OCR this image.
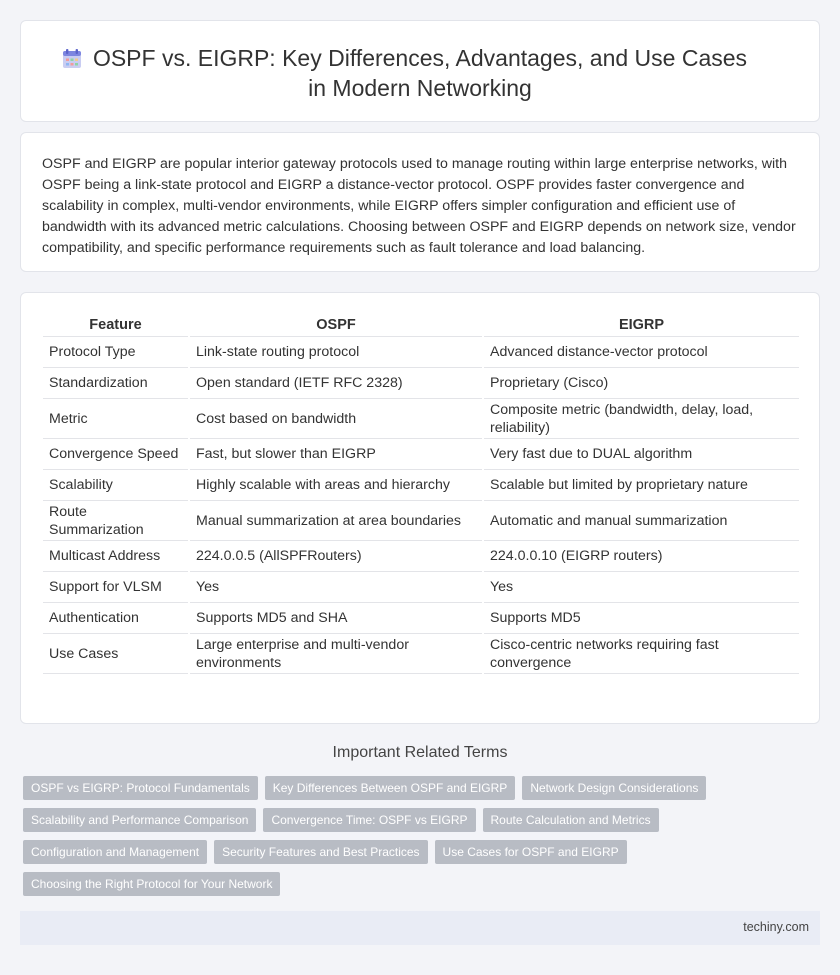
OSPF vs. EIGRP: Key Differences, Advantages, and Use Cases in Modern Networking

OSPF and EIGRP are popular interior gateway protocols used to manage routing within large enterprise networks, with OSPF being a link-state protocol and EIGRP a distance-vector protocol. OSPF provides faster convergence and scalability in complex, multi-vendor environments, while EIGRP offers simpler configuration and efficient use of bandwidth with its advanced metric calculations. Choosing between OSPF and EIGRP depends on network size, vendor compatibility, and specific performance requirements such as fault tolerance and load balancing.

Feature	OSPF	EIGRP
Protocol Type	Link-state routing protocol	Advanced distance-vector protocol
Standardization	Open standard (IETF RFC 2328)	Proprietary (Cisco)
Metric	Cost based on bandwidth	Composite metric (bandwidth, delay, load, reliability)
Convergence Speed	Fast, but slower than EIGRP	Very fast due to DUAL algorithm
Scalability	Highly scalable with areas and hierarchy	Scalable but limited by proprietary nature
Route Summarization	Manual summarization at area boundaries	Automatic and manual summarization
Multicast Address	224.0.0.5 (AllSPFRouters)	224.0.0.10 (EIGRP routers)
Support for VLSM	Yes	Yes
Authentication	Supports MD5 and SHA	Supports MD5
Use Cases	Large enterprise and multi-vendor environments	Cisco-centric networks requiring fast convergence
Important Related Terms
OSPF vs EIGRP: Protocol Fundamentals	Key Differences Between OSPF and EIGRP	Network Design Considerations
Scalability and Performance Comparison	Convergence Time: OSPF vs EIGRP	Route Calculation and Metrics
Configuration and Management	Security Features and Best Practices	Use Cases for OSPF and EIGRP
Choosing the Right Protocol for Your Network
techiny.com
